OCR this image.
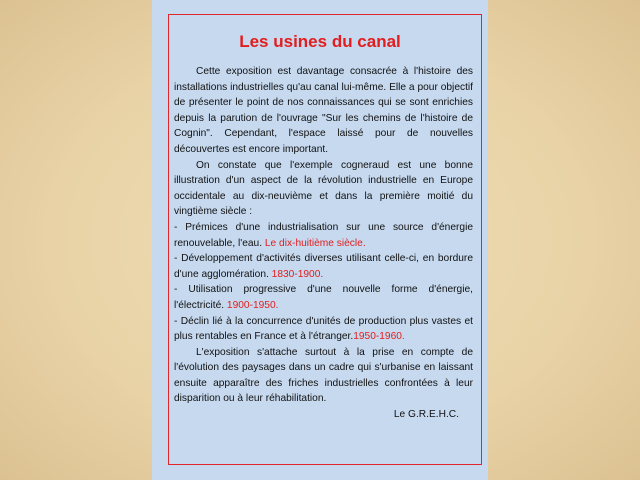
Les usines du canal

Cette exposition est davantage consacrée à l'histoire des installations industrielles qu'au canal lui-même. Elle a pour objectif de présenter le point de nos connaissances qui se sont enrichies depuis la parution de l'ouvrage "Sur les chemins de l'histoire de Cognin". Cependant, l'espace laissé pour de nouvelles découvertes est encore important.

On constate que l'exemple cogneraud est une bonne illustration d'un aspect de la révolution industrielle en Europe occidentale au dix-neuvième et dans la première moitié du vingtième siècle :

- Prémices d'une industrialisation sur une source d'énergie renouvelable, l'eau. Le dix-huitième siècle.

- Développement d'activités diverses utilisant celle-ci, en bordure d'une agglomération. 1830-1900.

- Utilisation progressive d'une nouvelle forme d'énergie, l'électricité. 1900-1950.

- Déclin lié à la concurrence d'unités de production plus vastes et plus rentables en France et à l'étranger.1950-1960.

L'exposition s'attache surtout à la prise en compte de l'évolution des paysages dans un cadre qui s'urbanise en laissant ensuite apparaître des friches industrielles confrontées à leur disparition ou à leur réhabilitation.

Le G.R.E.H.C.
